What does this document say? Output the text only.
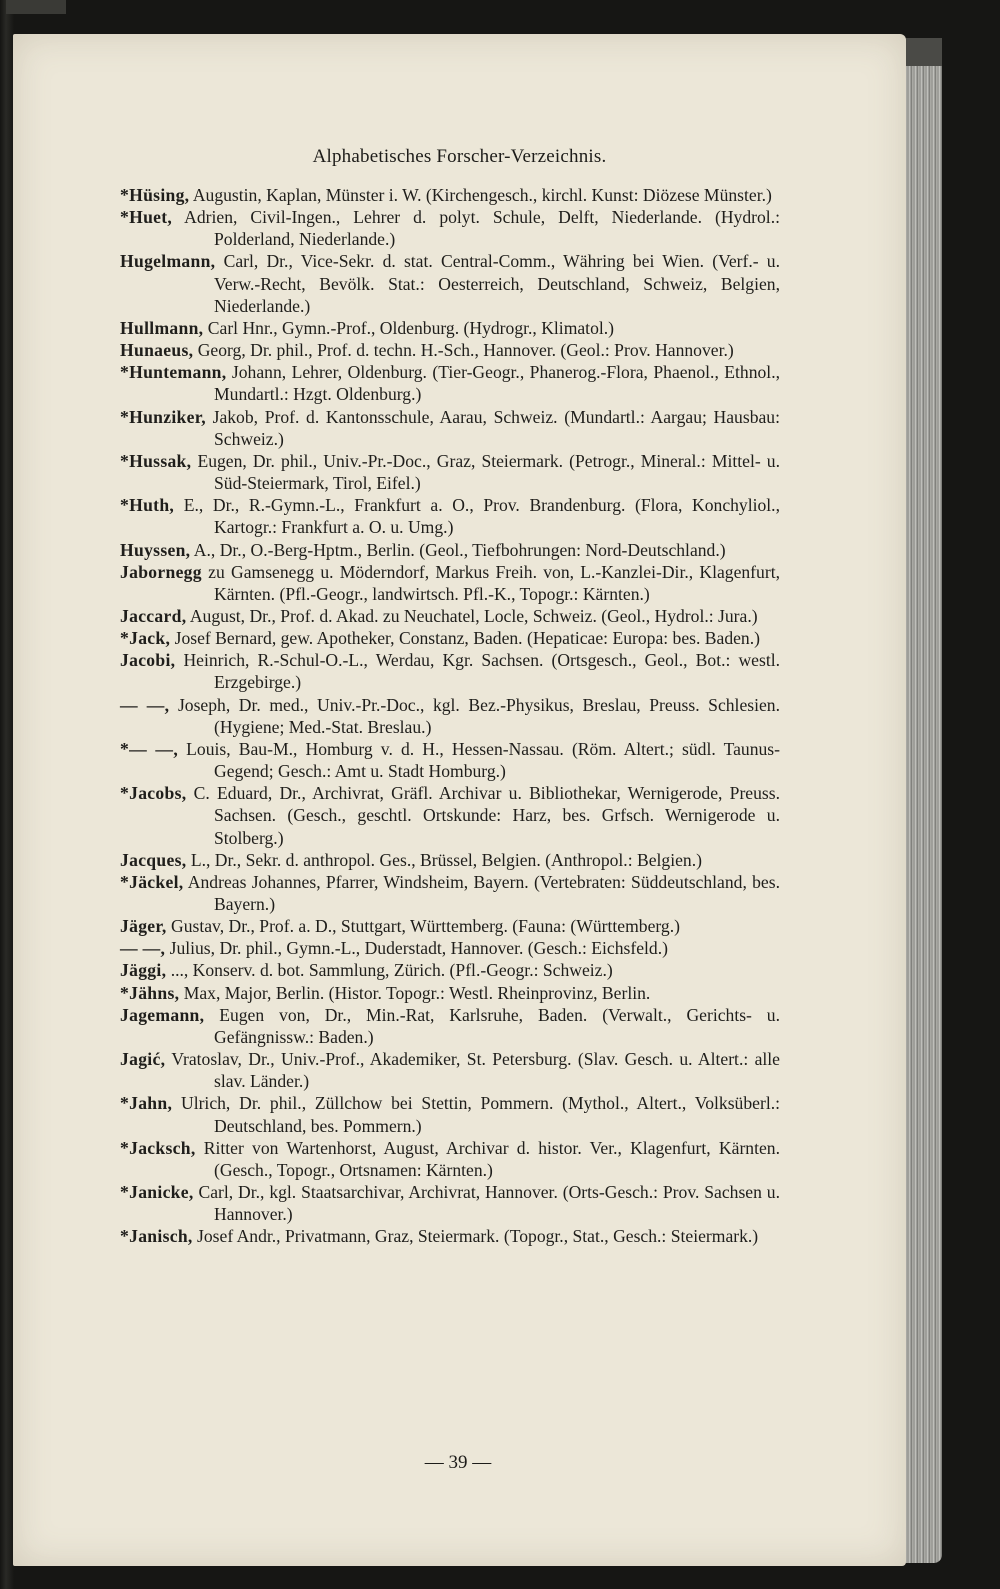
Alphabetisches Forscher-Verzeichnis.
*Hüsing, Augustin, Kaplan, Münster i. W. (Kirchengesch., kirchl. Kunst: Diözese Münster.)
*Huet, Adrien, Civil-Ingen., Lehrer d. polyt. Schule, Delft, Niederlande. (Hydrol.: Polderland, Niederlande.)
Hugelmann, Carl, Dr., Vice-Sekr. d. stat. Central-Comm., Währing bei Wien. (Verf.- u. Verw.-Recht, Bevölk. Stat.: Oesterreich, Deutschland, Schweiz, Belgien, Niederlande.)
Hullmann, Carl Hnr., Gymn.-Prof., Oldenburg. (Hydrogr., Klimatol.)
Hunaeus, Georg, Dr. phil., Prof. d. techn. H.-Sch., Hannover. (Geol.: Prov. Hannover.)
*Huntemann, Johann, Lehrer, Oldenburg. (Tier-Geogr., Phanerog.-Flora, Phaenol., Ethnol., Mundartl.: Hzgt. Oldenburg.)
*Hunziker, Jakob, Prof. d. Kantonsschule, Aarau, Schweiz. (Mundartl.: Aargau; Hausbau: Schweiz.)
*Hussak, Eugen, Dr. phil., Univ.-Pr.-Doc., Graz, Steiermark. (Petrogr., Mineral.: Mittel- u. Süd-Steiermark, Tirol, Eifel.)
*Huth, E., Dr., R.-Gymn.-L., Frankfurt a. O., Prov. Brandenburg. (Flora, Konchyliol., Kartogr.: Frankfurt a. O. u. Umg.)
Huyssen, A., Dr., O.-Berg-Hptm., Berlin. (Geol., Tiefbohrungen: Nord-Deutschland.)
Jabornegg zu Gamsenegg u. Möderndorf, Markus Freih. von, L.-Kanzlei-Dir., Klagenfurt, Kärnten. (Pfl.-Geogr., landwirtsch. Pfl.-K., Topogr.: Kärnten.)
Jaccard, August, Dr., Prof. d. Akad. zu Neuchatel, Locle, Schweiz. (Geol., Hydrol.: Jura.)
*Jack, Josef Bernard, gew. Apotheker, Constanz, Baden. (Hepaticae: Europa: bes. Baden.)
Jacobi, Heinrich, R.-Schul-O.-L., Werdau, Kgr. Sachsen. (Ortsgesch., Geol., Bot.: westl. Erzgebirge.)
— —, Joseph, Dr. med., Univ.-Pr.-Doc., kgl. Bez.-Physikus, Breslau, Preuss. Schlesien. (Hygiene; Med.-Stat. Breslau.)
*— —, Louis, Bau-M., Homburg v. d. H., Hessen-Nassau. (Röm. Altert.; südl. Taunus-Gegend; Gesch.: Amt u. Stadt Homburg.)
*Jacobs, C. Eduard, Dr., Archivrat, Gräfl. Archivar u. Bibliothekar, Wernigerode, Preuss. Sachsen. (Gesch., geschtl. Ortskunde: Harz, bes. Grfsch. Wernigerode u. Stolberg.)
Jacques, L., Dr., Sekr. d. anthropol. Ges., Brüssel, Belgien. (Anthropol.: Belgien.)
*Jäckel, Andreas Johannes, Pfarrer, Windsheim, Bayern. (Vertebraten: Süddeutschland, bes. Bayern.)
Jäger, Gustav, Dr., Prof. a. D., Stuttgart, Württemberg. (Fauna: (Württemberg.)
— —, Julius, Dr. phil., Gymn.-L., Duderstadt, Hannover. (Gesch.: Eichsfeld.)
Jäggi, ..., Konserv. d. bot. Sammlung, Zürich. (Pfl.-Geogr.: Schweiz.)
*Jähns, Max, Major, Berlin. (Histor. Topogr.: Westl. Rheinprovinz, Berlin.
Jagemann, Eugen von, Dr., Min.-Rat, Karlsruhe, Baden. (Verwalt., Gerichts- u. Gefängnissw.: Baden.)
Jagić, Vratoslav, Dr., Univ.-Prof., Akademiker, St. Petersburg. (Slav. Gesch. u. Altert.: alle slav. Länder.)
*Jahn, Ulrich, Dr. phil., Züllchow bei Stettin, Pommern. (Mythol., Altert., Volksüberl.: Deutschland, bes. Pommern.)
*Jacksch, Ritter von Wartenhorst, August, Archivar d. histor. Ver., Klagenfurt, Kärnten. (Gesch., Topogr., Ortsnamen: Kärnten.)
*Janicke, Carl, Dr., kgl. Staatsarchivar, Archivrat, Hannover. (Orts-Gesch.: Prov. Sachsen u. Hannover.)
*Janisch, Josef Andr., Privatmann, Graz, Steiermark. (Topogr., Stat., Gesch.: Steiermark.)
— 39 —
